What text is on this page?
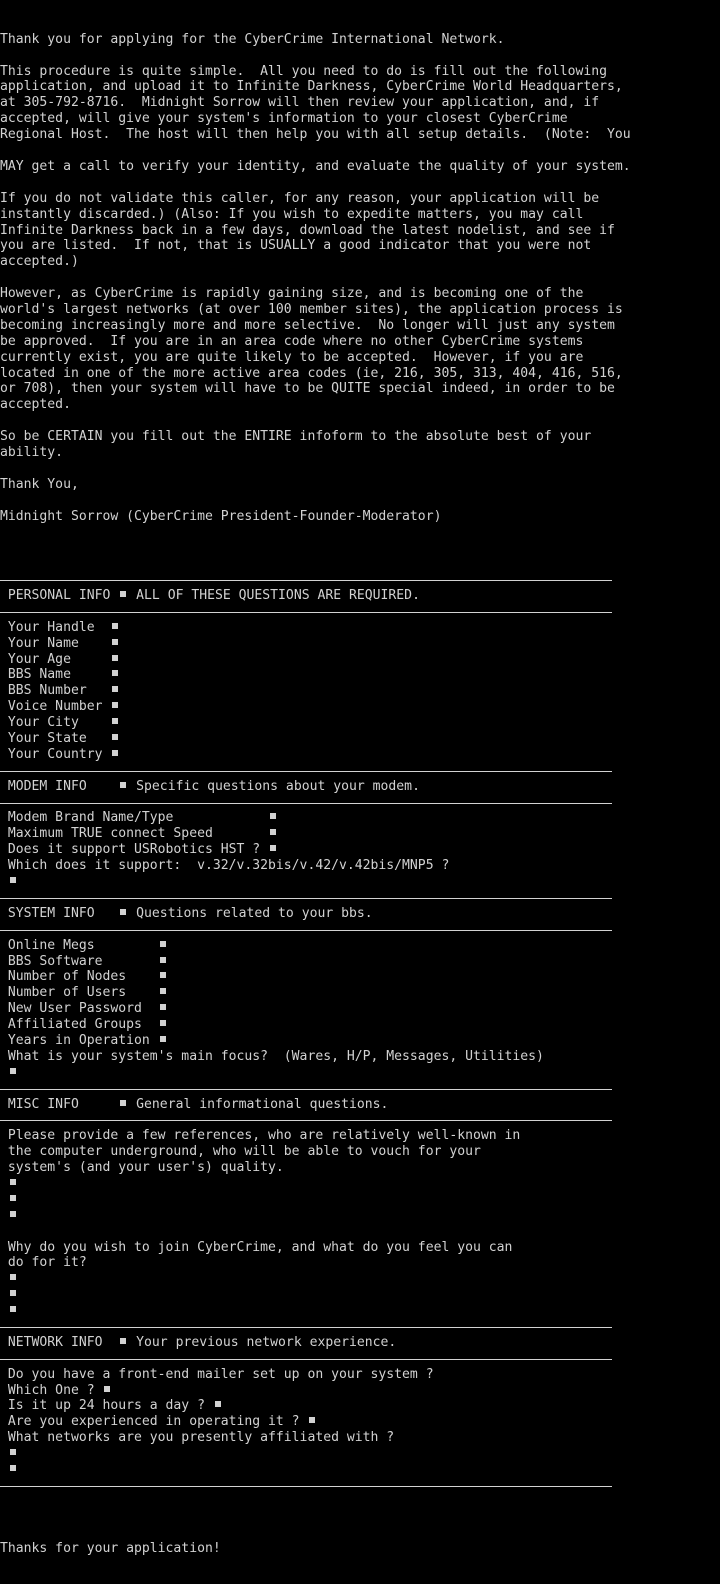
Thank you for applying for the CyberCrime International Network.
This procedure is quite simple.  All you need to do is fill out the following
application, and upload it to Infinite Darkness, CyberCrime World Headquarters,
at 305-792-8716.  Midnight Sorrow will then review your application, and, if
accepted, will give your system's information to your closest CyberCrime
Regional Host.  The host will then help you with all setup details.  (Note:  You
MAY get a call to verify your identity, and evaluate the quality of your system.
If you do not validate this caller, for any reason, your application will be
instantly discarded.) (Also: If you wish to expedite matters, you may call
Infinite Darkness back in a few days, download the latest nodelist, and see if
you are listed.  If not, that is USUALLY a good indicator that you were not
accepted.)
However, as CyberCrime is rapidly gaining size, and is becoming one of the
world's largest networks (at over 100 member sites), the application process is
becoming increasingly more and more selective.  No longer will just any system
be approved.  If you are in an area code where no other CyberCrime systems
currently exist, you are quite likely to be accepted.  However, if you are
located in one of the more active area codes (ie, 216, 305, 313, 404, 416, 516,
or 708), then your system will have to be QUITE special indeed, in order to be
accepted.
So be CERTAIN you fill out the ENTIRE infoform to the absolute best of your
ability.
Thank You,
Midnight Sorrow (CyberCrime President-Founder-Moderator)

PERSONAL INFO ALL OF THESE QUESTIONS ARE REQUIRED.
Your Handle
Your Name
Your Age
BBS Name
BBS Number
Voice Number
Your City
Your State
Your Country
MODEM INFO     Specific questions about your modem.
Modem Brand Name/Type
Maximum TRUE connect Speed
Does it support USRobotics HST ?
Which does it support:  v.32/v.32bis/v.42/v.42bis/MNP5 ?

SYSTEM INFO    Questions related to your bbs.
Online Megs
BBS Software
Number of Nodes
Number of Users
New User Password
Affiliated Groups
Years in Operation
What is your system's main focus?  (Wares, H/P, Messages, Utilities)

MISC INFO      General informational questions.
Please provide a few references, who are relatively well-known in
the computer underground, who will be able to vouch for your
system's (and your user's) quality.

Why do you wish to join CyberCrime, and what do you feel you can
do for it?

NETWORK INFO   Your previous network experience.
Do you have a front-end mailer set up on your system ?
Which One ?
Is it up 24 hours a day ?
Are you experienced in operating it ?
What networks are you presently affiliated with ?

Thanks for your application!
